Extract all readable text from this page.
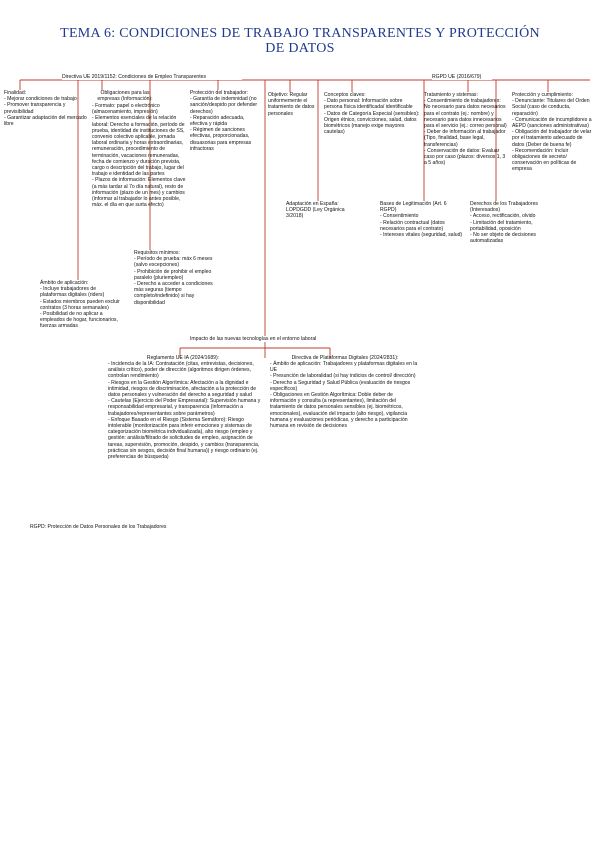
TEMA 6: CONDICIONES DE TRABAJO TRANSPARENTES Y PROTECCIÓN
DE DATOS
Directiva UE 2019/1152: Condiciones de Empleo Transparentes
Finalidad:
- Mejorar condiciones de trabajo
- Promover transparencia y previsibilidad
- Garantizar adaptación del mercado libre
Obligaciones para las empresas (Información):
- Formato: papel o electrónico (almacenamiento, impresión)
- Elementos esenciales de la relación laboral: Derecho a formación, período de prueba, identidad de instituciones de SS, convenio colectivo aplicable, jornada laboral ordinaria y horas extraordinarias, remuneración, procedimiento de terminación, vacaciones remuneradas, fecha de comienzo y duración prevista, cargo o descripción del trabajo, lugar del trabajo e identidad de las partes
- Plazos de información: Elementos clave (a más tardar al 7o día natural), resto de información (plazo de un mes) y cambios (informar al trabajador lo antes posible, máx. el día en que surta efecto)
Protección del trabajador:
- Garantía de indemnidad (no sanción/despido por defender derechos)
- Reparación adecuada, efectiva y rápida
- Régimen de sanciones efectivas, proporcionadas, disuasorias para empresas infractoras
Ámbito de aplicación:
- Incluye trabajadores de plataformas digitales (riders)
- Estados miembros pueden excluir contratos (3 horas semanales)
- Posibilidad de no aplicar a empleados de hogar, funcionarios, fuerzas armadas
Requisitos mínimos:
- Período de prueba: máx 6 meses (salvo excepciones)
- Prohibición de prohibir el empleo paralelo (pluriempleo)
- Derecho a acceder a condiciones más seguras (tiempo completo/indefinido) si hay disponibilidad
RGPD UE (2016/679)
Objetivo: Regular uniformemente el tratamiento de datos personales
Conceptos claves:
- Dato personal: Información sobre persona física identificada/ identificable
- Datos de Categoría Especial (sensibles): Origen étnico, convicciones, salud, datos biométricos (manejo exige mayores cautelas)
Tratamiento y sistemas:
- Consentimiento de trabajadores: No necesario para datos necesarios para el contrato (ej.: nombre) y necesario para datos innecesarios para el servicio (ej.: correo personal)
- Deber de información al trabajador (Tipo, finalidad, base legal, transferencias)
- Conservación de datos: Evaluar caso por caso (plazos: diversos 1, 3 a 5 años)
Protección y cumplimiento:
- Denunciante: Titulares del Orden Social (caso de conducta, reparación)
- Comunicación de incumplidores a AEPD (sanciones administrativas)
- Obligación del trabajador de velar por el tratamiento adecuado de datos (Deber de buena fe)
- Recomendación: Incluir obligaciones de secreto/ conservación en políticas de empresa
Adaptación en España: LOPDGDD (Ley Orgánica 3/2018)
Bases de Legitimación (Art. 6 RGPD)
- Consentimiento
- Relación contractual (datos necesarios para el contrato)
- Intereses vitales (seguridad, salud)
Derechos de los Trabajadores (Interesados)
- Acceso, rectificación, olvido
- Limitación del tratamiento, portabilidad, oposición
- No ser objeto de decisiones automatizadas
Impacto de las nuevas tecnologías en el entorno laboral
Reglamento UE IA (2024/1689):
- Incidencia de la IA: Contratación (citas, entrevistas, decisiones, análisis crítico), poder de dirección (algoritmos dirigen órdenes, controlan rendimiento)
- Riesgos en la Gestión Algorítmica: Afectación a la dignidad e intimidad, riesgos de discriminación, afectación a la protección de datos personales y vulneración del derecho a seguridad y salud
- Cautelas (Ejercicio del Poder Empresarial): Supervisión humana y responsabilidad empresarial, y transparencia (información a trabajadores/representantes sobre parámetros)
- Enfoque Basado en el Riesgo (Sistema Semáforo): Riesgo intolerable (monitorización para inferir emociones y sistemas de categorización biométrica individualizada), alto riesgo (empleo y gestión: análisis/filtrado de solicitudes de empleo, asignación de tareas, supervisión, promoción, despido, y cambios (transparencia, prácticas sin sesgos, decisión final humana)) y riesgo ordinario (ej. preferencias de búsqueda)
Directiva de Plataformas Digitales (2024/2831):
- Ámbito de aplicación: Trabajadores y plataformas digitales en la UE
- Presunción de laboralidad (si hay indicios de control/ dirección)
- Derecho a Seguridad y Salud Pública (evaluación de riesgos específicos)
- Obligaciones en Gestión Algorítmica: Doble deber de información y consulta (a representantes), limitación del tratamiento de datos personales sensibles (ej. biométricos, emocionales), evaluación del impacto (alto riesgo), vigilancia humana y evaluaciones periódicas, y derecho a participación humana en revisión de decisiones
RGPD: Protección de Datos Personales de los Trabajadores
